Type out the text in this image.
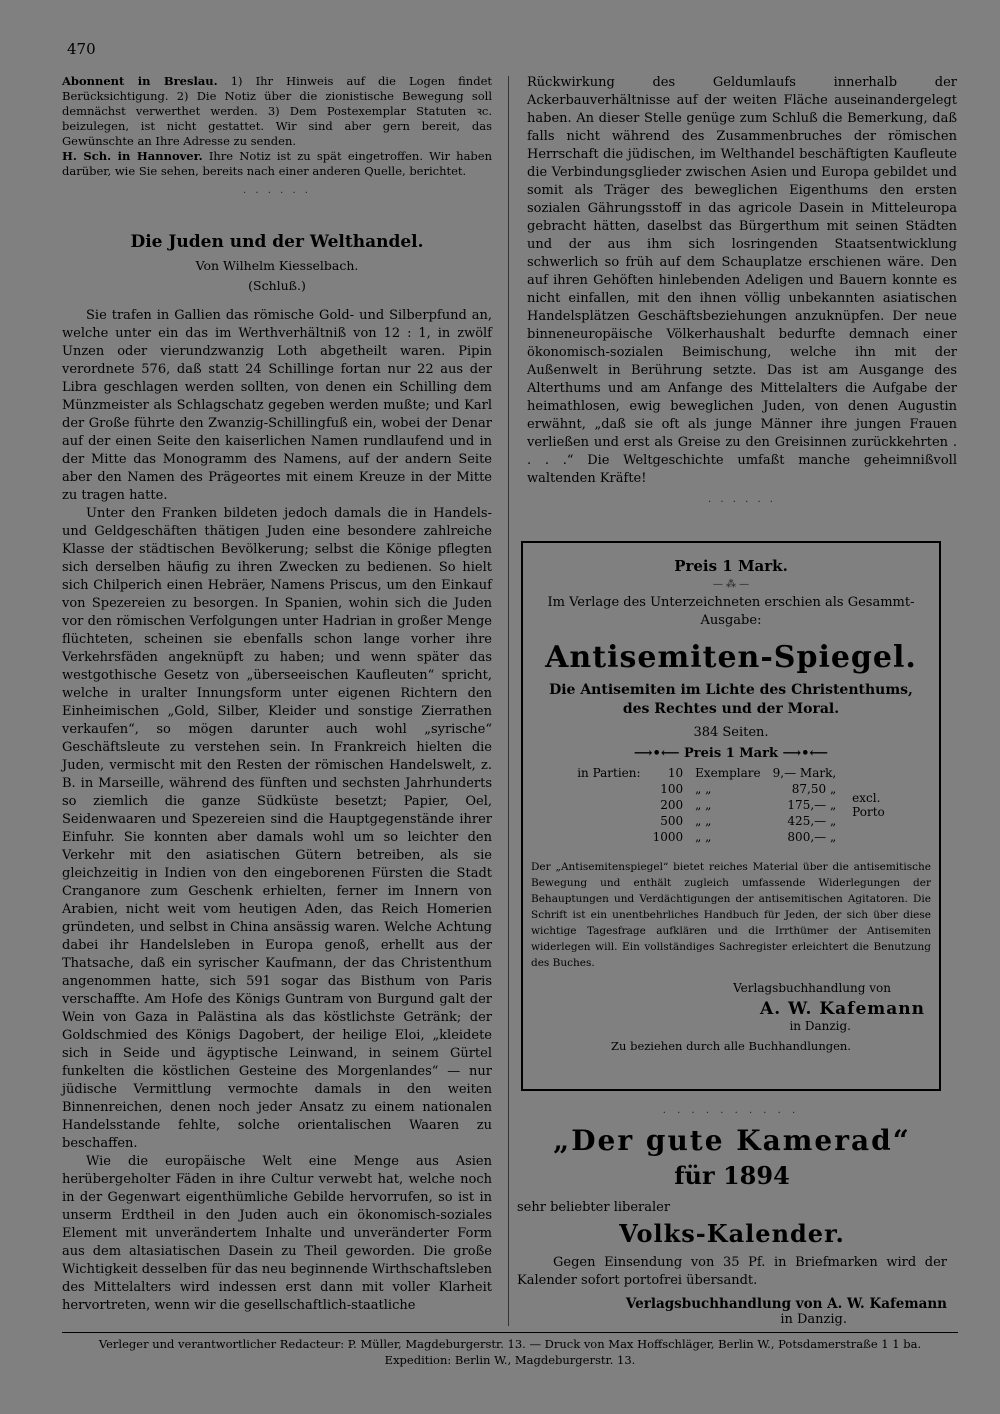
470

Abonnent in Breslau. 1) Ihr Hinweis auf die Logen findet Berücksichtigung. 2) Die Notiz über die zionistische Bewegung soll demnächst verwerthet werden. 3) Dem Postexemplar Statuten ꝛc. beizulegen, ist nicht gestattet. Wir sind aber gern bereit, das Gewünschte an Ihre Adresse zu senden.

H. Sch. in Hannover. Ihre Notiz ist zu spät eingetroffen. Wir haben darüber, wie Sie sehen, bereits nach einer anderen Quelle, berichtet.

· · · · · ·
Die Juden und der Welthandel.
Von Wilhelm Kiesselbach.
(Schluß.)

Sie trafen in Gallien das römische Gold- und Silberpfund an, welche unter ein das im Werthverhältniß von 12 : 1, in zwölf Unzen oder vierundzwanzig Loth abgetheilt waren. Pipin verordnete 576, daß statt 24 Schillinge fortan nur 22 aus der Libra geschlagen werden sollten, von denen ein Schilling dem Münzmeister als Schlagschatz gegeben werden mußte; und Karl der Große führte den Zwanzig-Schillingfuß ein, wobei der Denar auf der einen Seite den kaiserlichen Namen rundlaufend und in der Mitte das Monogramm des Namens, auf der andern Seite aber den Namen des Prägeortes mit einem Kreuze in der Mitte zu tragen hatte.

Unter den Franken bildeten jedoch damals die in Handels- und Geldgeschäften thätigen Juden eine besondere zahlreiche Klasse der städtischen Bevölkerung; selbst die Könige pflegten sich derselben häufig zu ihren Zwecken zu bedienen. So hielt sich Chilperich einen Hebräer, Namens Priscus, um den Einkauf von Spezereien zu besorgen. In Spanien, wohin sich die Juden vor den römischen Verfolgungen unter Hadrian in großer Menge flüchteten, scheinen sie ebenfalls schon lange vorher ihre Verkehrsfäden angeknüpft zu haben; und wenn später das westgothische Gesetz von „überseeischen Kaufleuten“ spricht, welche in uralter Innungsform unter eigenen Richtern den Einheimischen „Gold, Silber, Kleider und sonstige Zierrathen verkaufen“, so mögen darunter auch wohl „syrische“ Geschäftsleute zu verstehen sein. In Frankreich hielten die Juden, vermischt mit den Resten der römischen Handelswelt, z. B. in Marseille, während des fünften und sechsten Jahrhunderts so ziemlich die ganze Südküste besetzt; Papier, Oel, Seidenwaaren und Spezereien sind die Hauptgegenstände ihrer Einfuhr. Sie konnten aber damals wohl um so leichter den Verkehr mit den asiatischen Gütern betreiben, als sie gleichzeitig in Indien von den eingeborenen Fürsten die Stadt Cranganore zum Geschenk erhielten, ferner im Innern von Arabien, nicht weit vom heutigen Aden, das Reich Homerien gründeten, und selbst in China ansässig waren. Welche Achtung dabei ihr Handelsleben in Europa genoß, erhellt aus der Thatsache, daß ein syrischer Kaufmann, der das Christenthum angenommen hatte, sich 591 sogar das Bisthum von Paris verschaffte. Am Hofe des Königs Guntram von Burgund galt der Wein von Gaza in Palästina als das köstlichste Getränk; der Goldschmied des Königs Dagobert, der heilige Eloi, „kleidete sich in Seide und ägyptische Leinwand, in seinem Gürtel funkelten die köstlichen Gesteine des Morgenlandes“ — nur jüdische Vermittlung vermochte damals in den weiten Binnenreichen, denen noch jeder Ansatz zu einem nationalen Handelsstande fehlte, solche orientalischen Waaren zu beschaffen.

Wie die europäische Welt eine Menge aus Asien herübergeholter Fäden in ihre Cultur verwebt hat, welche noch in der Gegenwart eigenthümliche Gebilde hervorrufen, so ist in unserm Erdtheil in den Juden auch ein ökonomisch-soziales Element mit unverändertem Inhalte und unveränderter Form aus dem altasiatischen Dasein zu Theil geworden. Die große Wichtigkeit desselben für das neu beginnende Wirthschaftsleben des Mittelalters wird indessen erst dann mit voller Klarheit hervortreten, wenn wir die gesellschaftlich-staatliche

Rückwirkung des Geldumlaufs innerhalb der Ackerbauverhältnisse auf der weiten Fläche auseinandergelegt haben. An dieser Stelle genüge zum Schluß die Bemerkung, daß falls nicht während des Zusammenbruches der römischen Herrschaft die jüdischen, im Welthandel beschäftigten Kaufleute die Verbindungsglieder zwischen Asien und Europa gebildet und somit als Träger des beweglichen Eigenthums den ersten sozialen Gährungsstoff in das agricole Dasein in Mitteleuropa gebracht hätten, daselbst das Bürgerthum mit seinen Städten und der aus ihm sich losringenden Staatsentwicklung schwerlich so früh auf dem Schauplatze erschienen wäre. Den auf ihren Gehöften hinlebenden Adeligen und Bauern konnte es nicht einfallen, mit den ihnen völlig unbekannten asiatischen Handelsplätzen Geschäftsbeziehungen anzuknüpfen. Der neue binneneuropäische Völkerhaushalt bedurfte demnach einer ökonomisch-sozialen Beimischung, welche ihn mit der Außenwelt in Berührung setzte. Das ist am Ausgange des Alterthums und am Anfange des Mittelalters die Aufgabe der heimathlosen, ewig beweglichen Juden, von denen Augustin erwähnt, „daß sie oft als junge Männer ihre jungen Frauen verließen und erst als Greise zu den Greisinnen zurückkehrten . . . .“ Die Weltgeschichte umfaßt manche geheimnißvoll waltenden Kräfte!

· · · · · ·
Preis 1 Mark.
— ⁂ —
Im Verlage des Unterzeichneten erschien als Gesammt-Ausgabe:
Antisemiten-Spiegel.
Die Antisemiten im Lichte des Christenthums,
des Rechtes und der Moral.
384 Seiten.
⟶•⟵ Preis 1 Mark ⟶•⟵
in Partien:	10	Exemplare	9,— Mark,	excl.
Porto
	100	„ „	87,50 „	
	200	„ „	175,— „	
	500	„ „	425,— „	
	1000	„ „	800,— „	
Der „Antisemitenspiegel“ bietet reiches Material über die antisemitische Bewegung und enthält zugleich umfassende Widerlegungen der Behauptungen und Verdächtigungen der antisemitischen Agitatoren. Die Schrift ist ein unentbehrliches Handbuch für Jeden, der sich über diese wichtige Tagesfrage aufklären und die Irrthümer der Antisemiten widerlegen will. Ein vollständiges Sachregister erleichtert die Benutzung des Buches.
Verlagsbuchhandlung von
A. W. Kafemann
in Danzig.
Zu beziehen durch alle Buchhandlungen.
· · · · · · · · · ·
„Der gute Kamerad“
für 1894
sehr beliebter liberaler
Volks-Kalender.
Gegen Einsendung von 35 Pf. in Briefmarken wird der Kalender sofort portofrei übersandt.
Verlagsbuchhandlung von A. W. Kafemann
in Danzig.
Verleger und verantwortlicher Redacteur: P. Müller, Magdeburgerstr. 13. — Druck von Max Hoffschläger, Berlin W., Potsdamerstraße 1 1 ba.
Expedition: Berlin W., Magdeburgerstr. 13.
